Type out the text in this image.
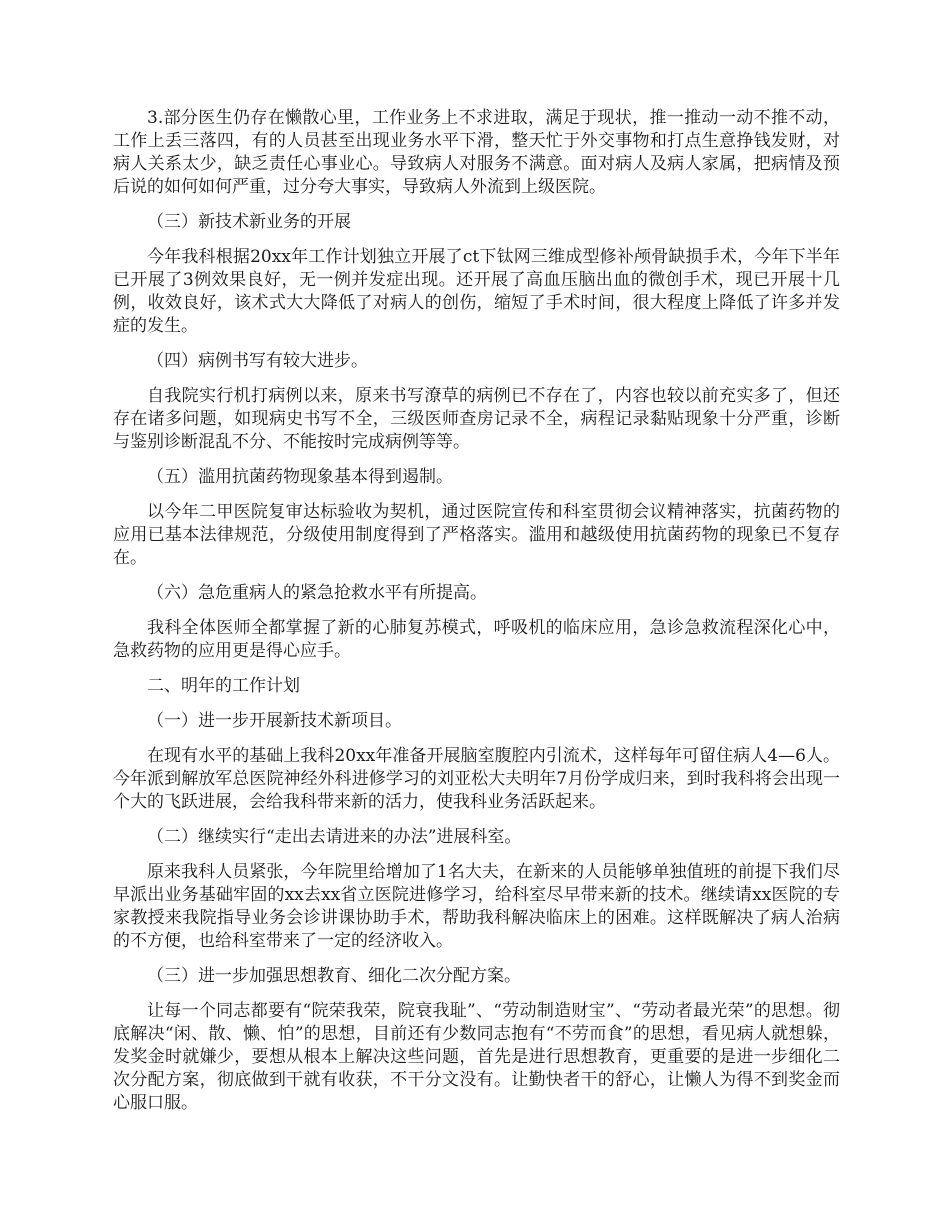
3.部分医生仍存在懒散心里，工作业务上不求进取，满足于现状，推一推动一动不推不动，工作上丢三落四，有的人员甚至出现业务水平下滑，整天忙于外交事物和打点生意挣钱发财，对病人关系太少，缺乏责任心事业心。导致病人对服务不满意。面对病人及病人家属，把病情及预后说的如何如何严重，过分夸大事实，导致病人外流到上级医院。

（三）新技术新业务的开展

今年我科根据20xx年工作计划独立开展了ct下钛网三维成型修补颅骨缺损手术，今年下半年已开展了3例效果良好，无一例并发症出现。还开展了高血压脑出血的微创手术，现已开展十几例，收效良好，该术式大大降低了对病人的创伤，缩短了手术时间，很大程度上降低了许多并发症的发生。

（四）病例书写有较大进步。

自我院实行机打病例以来，原来书写潦草的病例已不存在了，内容也较以前充实多了，但还存在诸多问题，如现病史书写不全，三级医师查房记录不全，病程记录黏贴现象十分严重，诊断与鉴别诊断混乱不分、不能按时完成病例等等。

（五）滥用抗菌药物现象基本得到遏制。

以今年二甲医院复审达标验收为契机，通过医院宣传和科室贯彻会议精神落实，抗菌药物的应用已基本法律规范，分级使用制度得到了严格落实。滥用和越级使用抗菌药物的现象已不复存在。

（六）急危重病人的紧急抢救水平有所提高。

我科全体医师全都掌握了新的心肺复苏模式，呼吸机的临床应用，急诊急救流程深化心中，急救药物的应用更是得心应手。

二、明年的工作计划

（一）进一步开展新技术新项目。

在现有水平的基础上我科20xx年准备开展脑室腹腔内引流术，这样每年可留住病人4—6人。今年派到解放军总医院神经外科进修学习的刘亚松大夫明年7月份学成归来，到时我科将会出现一个大的飞跃进展，会给我科带来新的活力，使我科业务活跃起来。

（二）继续实行“走出去请进来的办法”进展科室。

原来我科人员紧张，今年院里给增加了1名大夫，在新来的人员能够单独值班的前提下我们尽早派出业务基础牢固的xx去xx省立医院进修学习，给科室尽早带来新的技术。继续请xx医院的专家教授来我院指导业务会诊讲课协助手术，帮助我科解决临床上的困难。这样既解决了病人治病的不方便，也给科室带来了一定的经济收入。

（三）进一步加强思想教育、细化二次分配方案。

让每一个同志都要有“院荣我荣，院衰我耻”、“劳动制造财宝”、“劳动者最光荣”的思想。彻底解决“闲、散、懒、怕”的思想，目前还有少数同志抱有“不劳而食”的思想，看见病人就想躲，发奖金时就嫌少，要想从根本上解决这些问题，首先是进行思想教育，更重要的是进一步细化二次分配方案，彻底做到干就有收获，不干分文没有。让勤快者干的舒心，让懒人为得不到奖金而心服口服。
